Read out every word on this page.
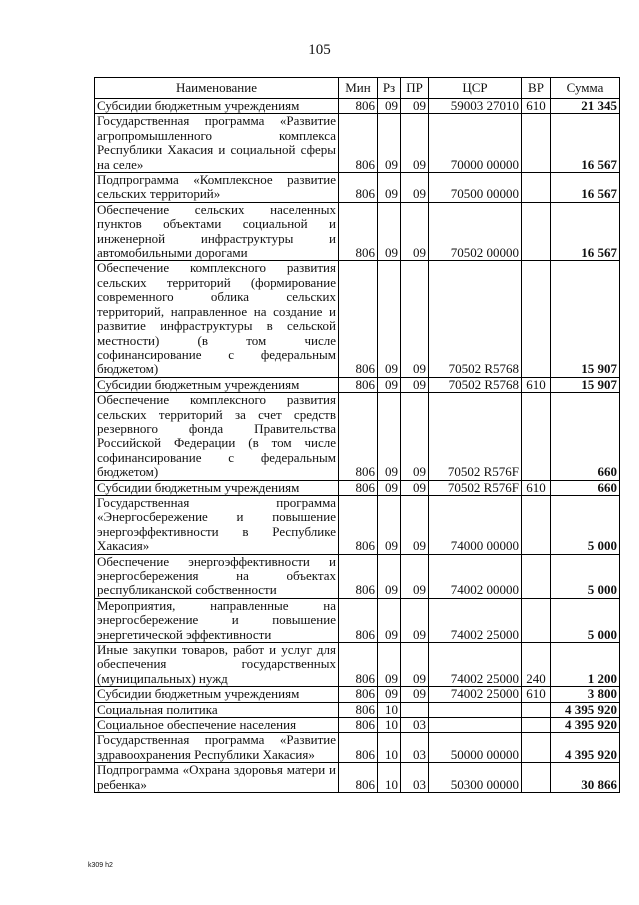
105
Наименование	Мин	Рз	ПР	ЦСР	ВР	Сумма
Субсидии бюджетным учреждениям	806	09	09	59003 27010	610	21 345
Государственная программа «Развитие агропромышленного комплекса Республики Хакасия и социальной сферы на селе»	806	09	09	70000 00000		16 567
Подпрограмма «Комплексное развитие сельских территорий»	806	09	09	70500 00000		16 567
Обеспечение сельских населенных пунктов объектами социальной и инженерной инфраструктуры и автомобильными дорогами	806	09	09	70502 00000		16 567
Обеспечение комплексного развития сельских территорий (формирование современного облика сельских территорий, направленное на создание и развитие инфраструктуры в сельской местности) (в том числе софинансирование с федеральным бюджетом)	806	09	09	70502 R5768		15 907
Субсидии бюджетным учреждениям	806	09	09	70502 R5768	610	15 907
Обеспечение комплексного развития сельских территорий за счет средств резервного фонда Правительства Российской Федерации (в том числе софинансирование с федеральным бюджетом)	806	09	09	70502 R576F		660
Субсидии бюджетным учреждениям	806	09	09	70502 R576F	610	660
Государственная программа «Энергосбережение и повышение энергоэффективности в Республике Хакасия»	806	09	09	74000 00000		5 000
Обеспечение энергоэффективности и энергосбережения на объектах республиканской собственности	806	09	09	74002 00000		5 000
Мероприятия, направленные на энергосбережение и повышение энергетической эффективности	806	09	09	74002 25000		5 000
Иные закупки товаров, работ и услуг для обеспечения государственных (муниципальных) нужд	806	09	09	74002 25000	240	1 200
Субсидии бюджетным учреждениям	806	09	09	74002 25000	610	3 800
Социальная политика	806	10				4 395 920
Социальное обеспечение населения	806	10	03			4 395 920
Государственная программа «Развитие здравоохранения Республики Хакасия»	806	10	03	50000 00000		4 395 920
Подпрограмма «Охрана здоровья матери и ребенка»	806	10	03	50300 00000		30 866
k309 h2
